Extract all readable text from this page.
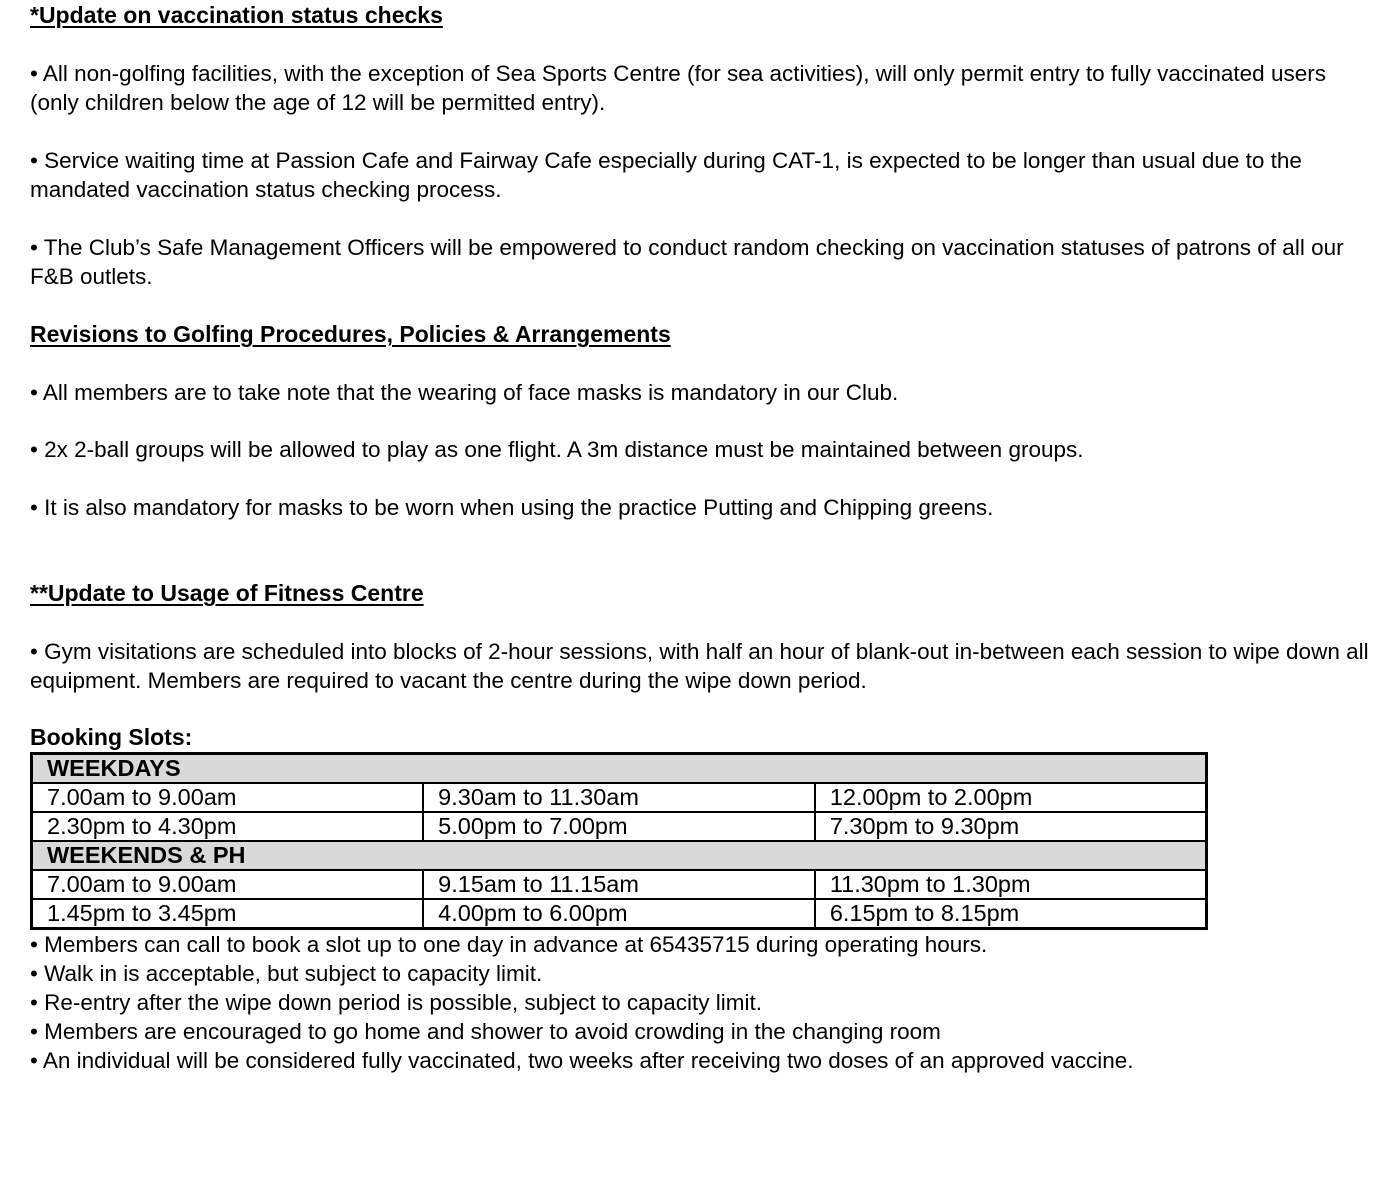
*Update on vaccination status checks

• All non-golfing facilities, with the exception of Sea Sports Centre (for sea activities), will only permit entry to fully vaccinated users (only children below the age of 12 will be permitted entry).

• Service waiting time at Passion Cafe and Fairway Cafe especially during CAT-1, is expected to be longer than usual due to the mandated vaccination status checking process.

• The Club’s Safe Management Officers will be empowered to conduct random checking on vaccination statuses of patrons of all our F&B outlets.

Revisions to Golfing Procedures, Policies & Arrangements

• All members are to take note that the wearing of face masks is mandatory in our Club.

• 2x 2-ball groups will be allowed to play as one flight. A 3m distance must be maintained between groups.

• It is also mandatory for masks to be worn when using the practice Putting and Chipping greens.

**Update to Usage of Fitness Centre

• Gym visitations are scheduled into blocks of 2-hour sessions, with half an hour of blank-out in-between each session to wipe down all equipment. Members are required to vacant the centre during the wipe down period.

Booking Slots:

WEEKDAYS		
7.00am to 9.00am	9.30am to 11.30am	12.00pm to 2.00pm
2.30pm to 4.30pm	5.00pm to 7.00pm	7.30pm to 9.30pm
WEEKENDS & PH		
7.00am to 9.00am	9.15am to 11.15am	11.30pm to 1.30pm
1.45pm to 3.45pm	4.00pm to 6.00pm	6.15pm to 8.15pm
• Members can call to book a slot up to one day in advance at 65435715 during operating hours.
• Walk in is acceptable, but subject to capacity limit.
• Re-entry after the wipe down period is possible, subject to capacity limit.
• Members are encouraged to go home and shower to avoid crowding in the changing room
• An individual will be considered fully vaccinated, two weeks after receiving two doses of an approved vaccine.
